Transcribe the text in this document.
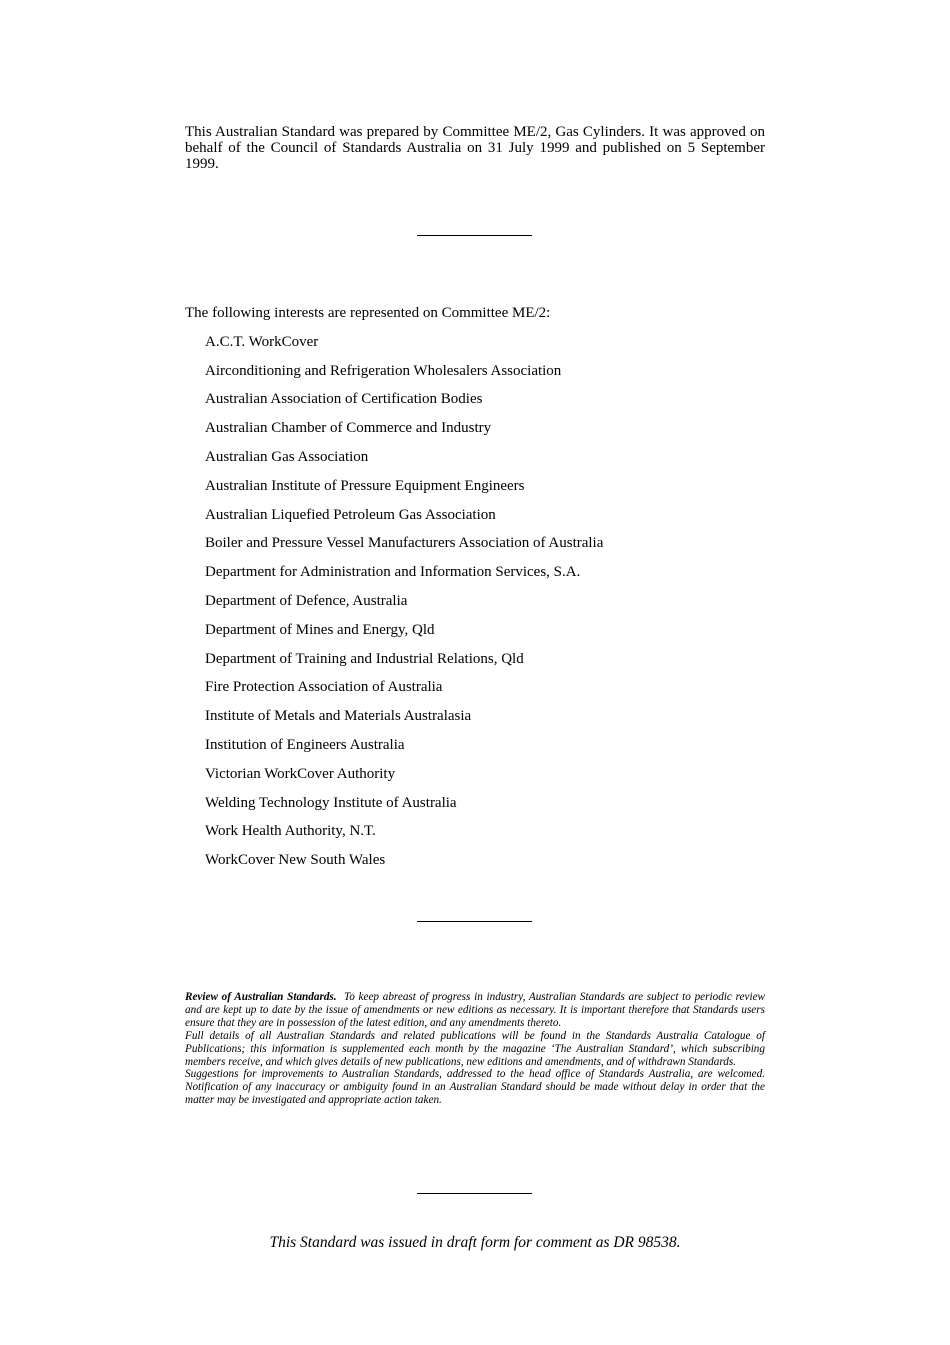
This Australian Standard was prepared by Committee ME/2, Gas Cylinders. It was approved on behalf of the Council of Standards Australia on 31 July 1999 and published on 5 September 1999.

The following interests are represented on Committee ME/2:
A.C.T. WorkCover
Airconditioning and Refrigeration Wholesalers Association
Australian Association of Certification Bodies
Australian Chamber of Commerce and Industry
Australian Gas Association
Australian Institute of Pressure Equipment Engineers
Australian Liquefied Petroleum Gas Association
Boiler and Pressure Vessel Manufacturers Association of Australia
Department for Administration and Information Services, S.A.
Department of Defence, Australia
Department of Mines and Energy, Qld
Department of Training and Industrial Relations, Qld
Fire Protection Association of Australia
Institute of Metals and Materials Australasia
Institution of Engineers Australia
Victorian WorkCover Authority
Welding Technology Institute of Australia
Work Health Authority, N.T.
WorkCover New South Wales

Review of Australian Standards. To keep abreast of progress in industry, Australian Standards are subject to periodic review and are kept up to date by the issue of amendments or new editions as necessary. It is important therefore that Standards users ensure that they are in possession of the latest edition, and any amendments thereto.

Full details of all Australian Standards and related publications will be found in the Standards Australia Catalogue of Publications; this information is supplemented each month by the magazine ‘The Australian Standard’, which subscribing members receive, and which gives details of new publications, new editions and amendments, and of withdrawn Standards.

Suggestions for improvements to Australian Standards, addressed to the head office of Standards Australia, are welcomed. Notification of any inaccuracy or ambiguity found in an Australian Standard should be made without delay in order that the matter may be investigated and appropriate action taken.

This Standard was issued in draft form for comment as DR 98538.
